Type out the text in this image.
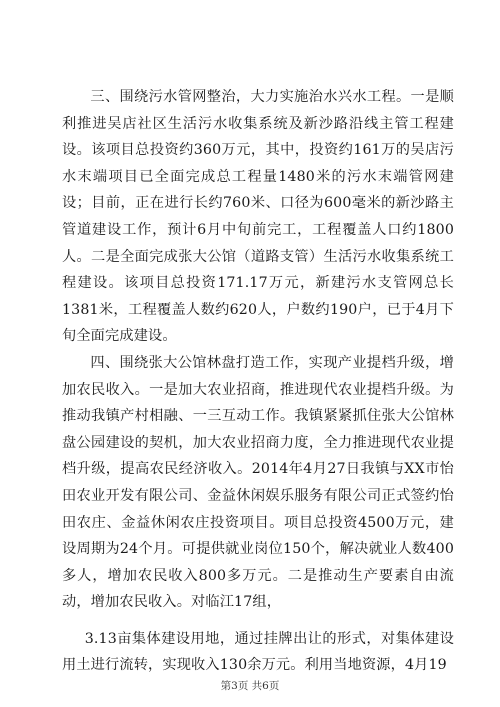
三、围绕污水管网整治，大力实施治水兴水工程。一是顺利推进吴店社区生活污水收集系统及新沙路沿线主管工程建设。该项目总投资约360万元，其中，投资约161万的吴店污水末端项目已全面完成总工程量1480米的污水末端管网建设；目前，正在进行长约760米、口径为600毫米的新沙路主管道建设工作，预计6月中旬前完工，工程覆盖人口约1800人。二是全面完成张大公馆（道路支管）生活污水收集系统工程建设。该项目总投资171.17万元，新建污水支管网总长1381米，工程覆盖人数约620人，户数约190户，已于4月下旬全面完成建设。

四、围绕张大公馆林盘打造工作，实现产业提档升级，增加农民收入。一是加大农业招商，推进现代农业提档升级。为推动我镇产村相融、一三互动工作。我镇紧紧抓住张大公馆林盘公园建设的契机，加大农业招商力度，全力推进现代农业提档升级，提高农民经济收入。2014年4月27日我镇与XX市怡田农业开发有限公司、金益休闲娱乐服务有限公司正式签约怡田农庄、金益休闲农庄投资项目。项目总投资4500万元，建设周期为24个月。可提供就业岗位150个，解决就业人数400多人，增加农民收入800多万元。二是推动生产要素自由流动，增加农民收入。对临江17组，

3.13亩集体建设用地，通过挂牌出让的形式，对集体建设用土进行流转，实现收入130余万元。利用当地资源，4月19

第3页 共6页
